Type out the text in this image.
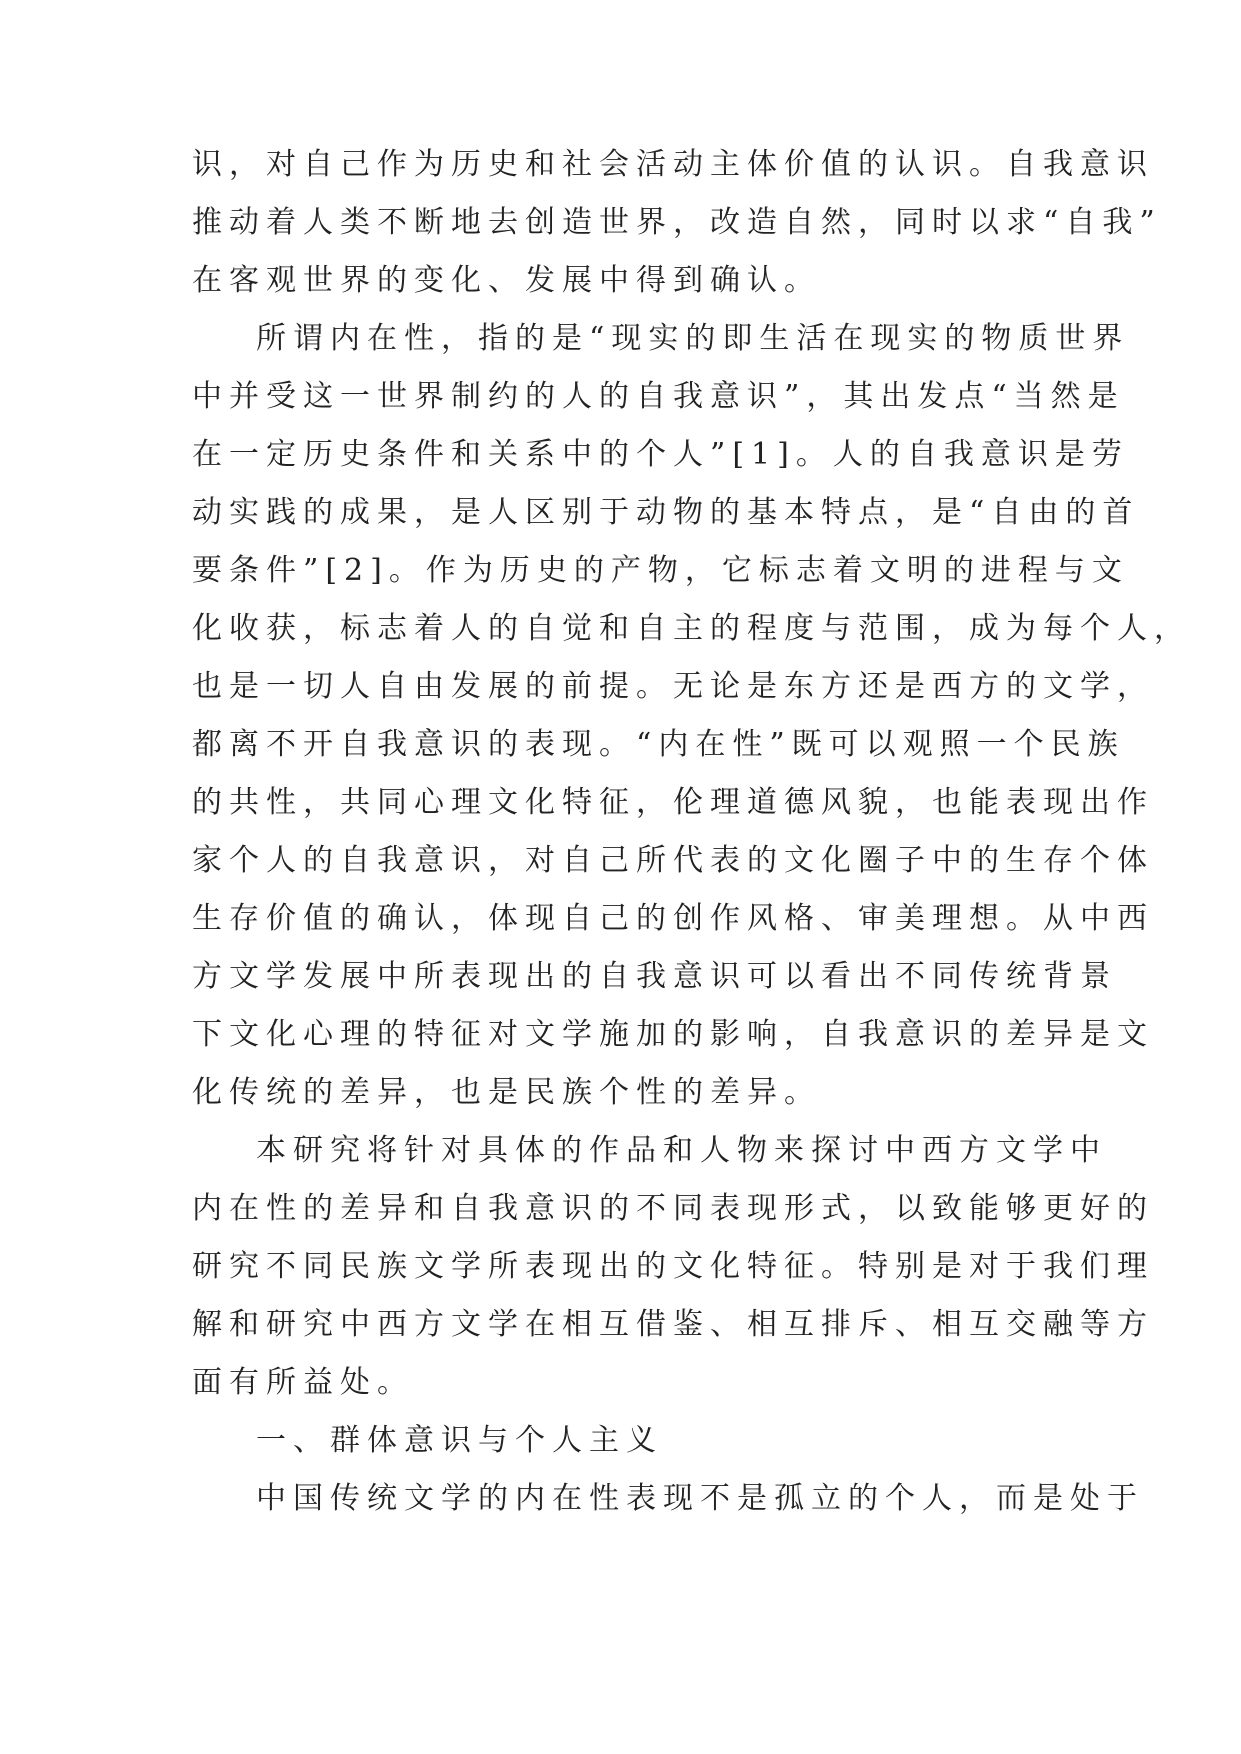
识，对自己作为历史和社会活动主体价值的认识。自我意识
推动着人类不断地去创造世界，改造自然，同时以求“自我”
在客观世界的变化、发展中得到确认。
所谓内在性，指的是“现实的即生活在现实的物质世界
中并受这一世界制约的人的自我意识”，其出发点“当然是
在一定历史条件和关系中的个人”[1]。人的自我意识是劳
动实践的成果，是人区别于动物的基本特点，是“自由的首
要条件”[2]。作为历史的产物，它标志着文明的进程与文
化收获，标志着人的自觉和自主的程度与范围，成为每个人，
也是一切人自由发展的前提。无论是东方还是西方的文学，
都离不开自我意识的表现。“内在性”既可以观照一个民族
的共性，共同心理文化特征，伦理道德风貌，也能表现出作
家个人的自我意识，对自己所代表的文化圈子中的生存个体
生存价值的确认，体现自己的创作风格、审美理想。从中西
方文学发展中所表现出的自我意识可以看出不同传统背景
下文化心理的特征对文学施加的影响，自我意识的差异是文
化传统的差异，也是民族个性的差异。
本研究将针对具体的作品和人物来探讨中西方文学中
内在性的差异和自我意识的不同表现形式，以致能够更好的
研究不同民族文学所表现出的文化特征。特别是对于我们理
解和研究中西方文学在相互借鉴、相互排斥、相互交融等方
面有所益处。
一、群体意识与个人主义
中国传统文学的内在性表现不是孤立的个人，而是处于
